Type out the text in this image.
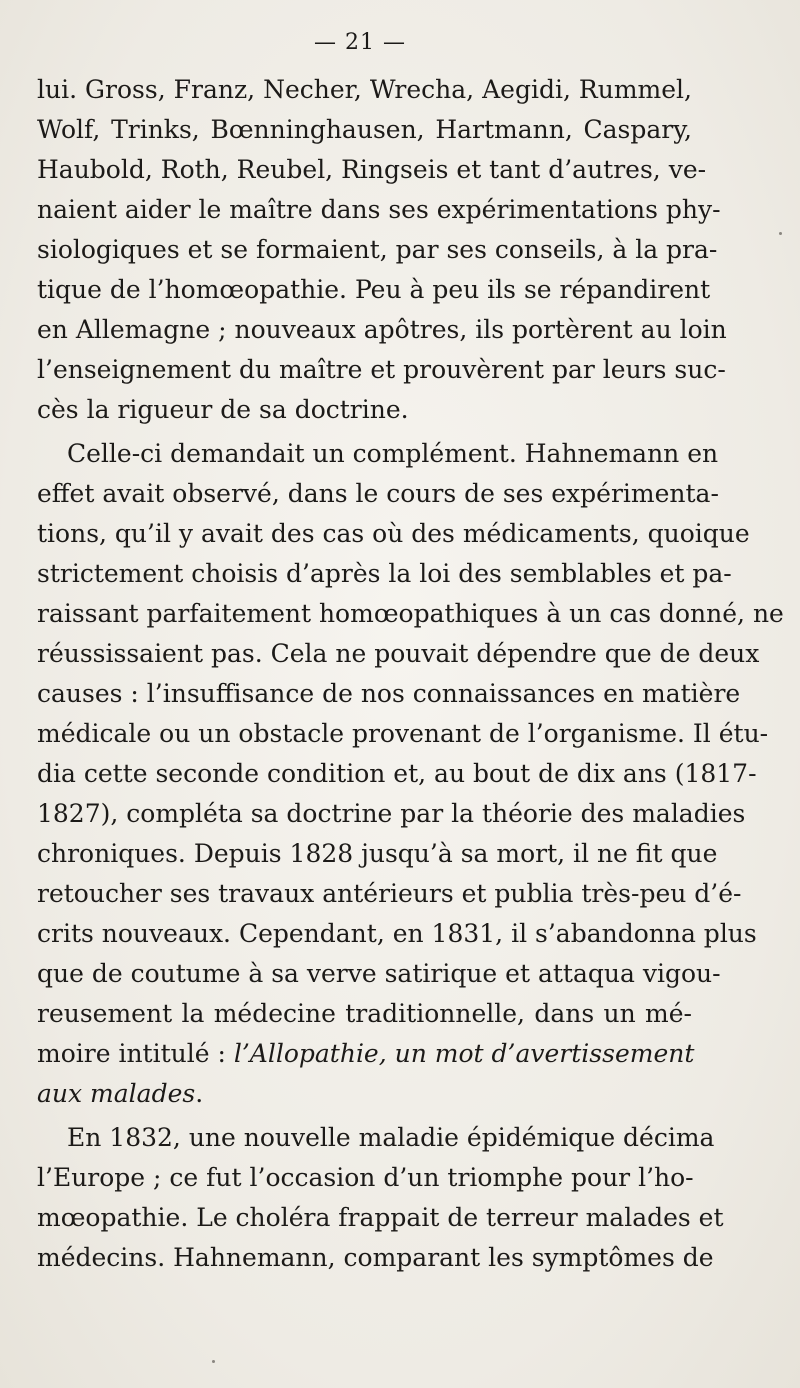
— 21 —
lui. Gross, Franz, Necher, Wrecha, Aegidi, Rummel,
Wolf, Trinks, Bœnninghausen, Hartmann, Caspary,
Haubold, Roth, Reubel, Ringseis et tant d’autres, ve-
naient aider le maître dans ses expérimentations phy-
siologiques et se formaient, par ses conseils, à la pra-
tique de l’homœopathie. Peu à peu ils se répandirent
en Allemagne ; nouveaux apôtres, ils portèrent au loin
l’enseignement du maître et prouvèrent par leurs suc-
cès la rigueur de sa doctrine.
Celle-ci demandait un complément. Hahnemann en
effet avait observé, dans le cours de ses expérimenta-
tions, qu’il y avait des cas où des médicaments, quoique
strictement choisis d’après la loi des semblables et pa-
raissant parfaitement homœopathiques à un cas donné, ne
réussissaient pas. Cela ne pouvait dépendre que de deux
causes : l’insuffisance de nos connaissances en matière
médicale ou un obstacle provenant de l’organisme. Il étu-
dia cette seconde condition et, au bout de dix ans (1817-
1827), compléta sa doctrine par la théorie des maladies
chroniques. Depuis 1828 jusqu’à sa mort, il ne fit que
retoucher ses travaux antérieurs et publia très-peu d’é-
crits nouveaux. Cependant, en 1831, il s’abandonna plus
que de coutume à sa verve satirique et attaqua vigou-
reusement la médecine traditionnelle, dans un mé-
moire intitulé : l’Allopathie, un mot d’avertissement
aux malades.
En 1832, une nouvelle maladie épidémique décima
l’Europe ; ce fut l’occasion d’un triomphe pour l’ho-
mœopathie. Le choléra frappait de terreur malades et
médecins. Hahnemann, comparant les symptômes de
